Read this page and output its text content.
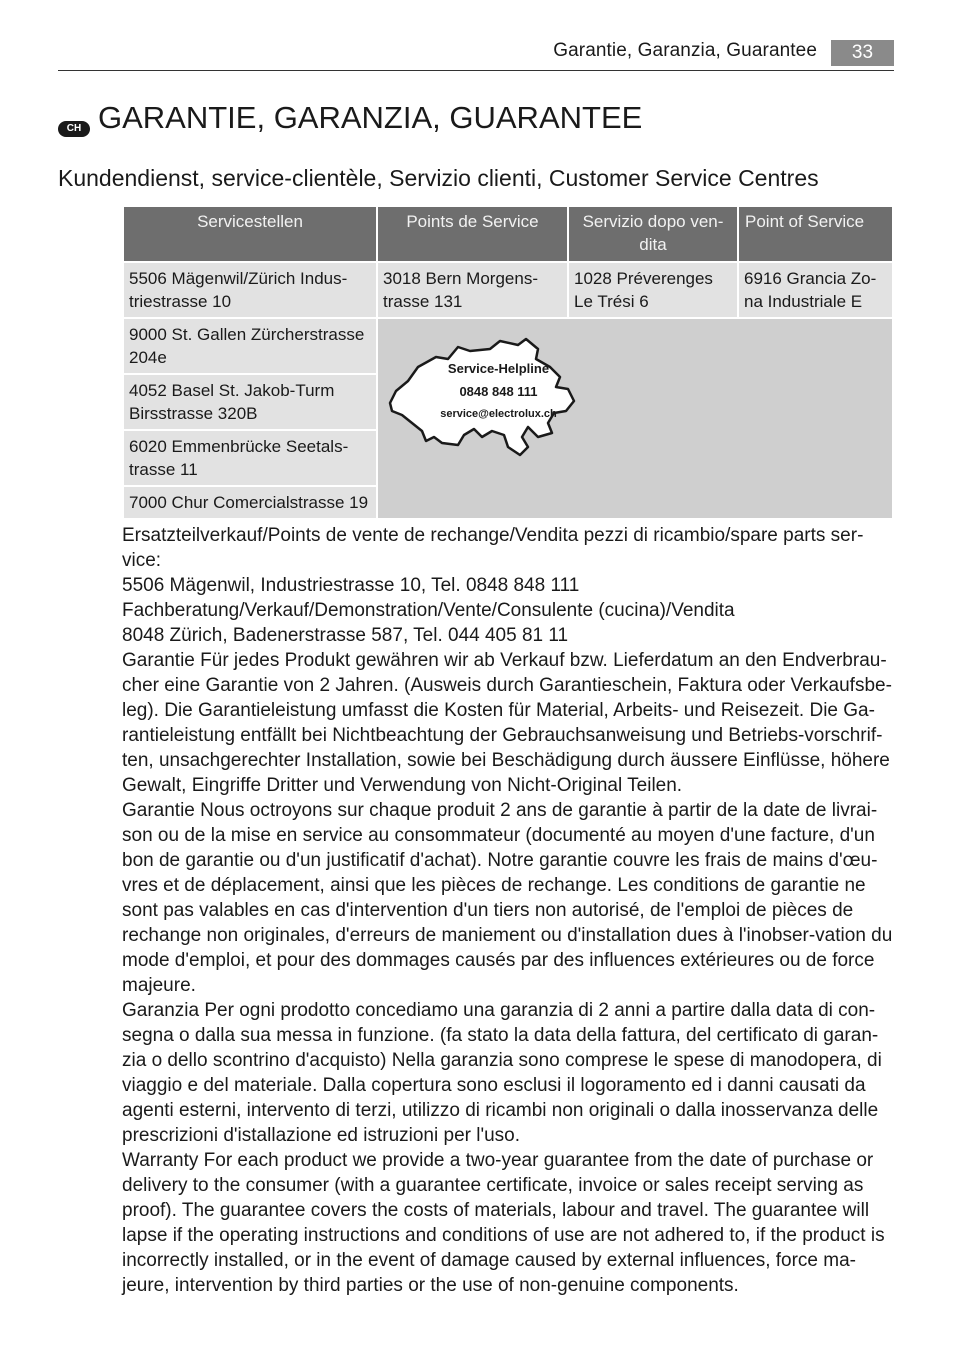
Garantie, Garanzia, Guarantee	33
CH GARANTIE, GARANZIA, GUARANTEE
Kundendienst, service-clientèle, Servizio clienti, Customer Service Centres
Servicestellen	Points de Service	Servizio dopo ven-dita	Point of Service
5506 Mägenwil/Zürich Indus-triestrasse 10	3018 Bern Morgens-trasse 131	1028 Préverenges Le Trési 6	6916 Grancia Zo-na Industriale E
9000 St. Gallen Zürcherstrasse 204e	Service-Helpline
0848 848 111
service@electrolux.ch		

4052 Basel St. Jakob-Turm Birsstrasse 320B			
6020 Emmenbrücke Seetals-trasse 11			
7000 Chur Comercialstrasse 19			

Ersatzteilverkauf/Points de vente de rechange/Vendita pezzi di ricambio/spare parts ser-vice:

5506 Mägenwil, Industriestrasse 10, Tel. 0848 848 111

Fachberatung/Verkauf/Demonstration/Vente/Consulente (cucina)/Vendita

8048 Zürich, Badenerstrasse 587, Tel. 044 405 81 11

Garantie Für jedes Produkt gewähren wir ab Verkauf bzw. Lieferdatum an den Endverbrau-cher eine Garantie von 2 Jahren. (Ausweis durch Garantieschein, Faktura oder Verkaufsbe-leg). Die Garantieleistung umfasst die Kosten für Material, Arbeits- und Reisezeit. Die Ga-rantieleistung entfällt bei Nichtbeachtung der Gebrauchsanweisung und Betriebs-vorschrif-ten, unsachgerechter Installation, sowie bei Beschädigung durch äussere Einflüsse, höhere Gewalt, Eingriffe Dritter und Verwendung von Nicht-Original Teilen.

Garantie Nous octroyons sur chaque produit 2 ans de garantie à partir de la date de livrai-son ou de la mise en service au consommateur (documenté au moyen d'une facture, d'un bon de garantie ou d'un justificatif d'achat). Notre garantie couvre les frais de mains d'œu-vres et de déplacement, ainsi que les pièces de rechange. Les conditions de garantie ne sont pas valables en cas d'intervention d'un tiers non autorisé, de l'emploi de pièces de rechange non originales, d'erreurs de maniement ou d'installation dues à l'inobser-vation du mode d'emploi, et pour des dommages causés par des influences extérieures ou de force majeure.

Garanzia Per ogni prodotto concediamo una garanzia di 2 anni a partire dalla data di con-segna o dalla sua messa in funzione. (fa stato la data della fattura, del certificato di garan-zia o dello scontrino d'acquisto) Nella garanzia sono comprese le spese di manodopera, di viaggio e del materiale. Dalla copertura sono esclusi il logoramento ed i danni causati da agenti esterni, intervento di terzi, utilizzo di ricambi non originali o dalla inosservanza delle prescrizioni d'istallazione ed istruzioni per l'uso.

Warranty For each product we provide a two-year guarantee from the date of purchase or delivery to the consumer (with a guarantee certificate, invoice or sales receipt serving as proof). The guarantee covers the costs of materials, labour and travel. The guarantee will lapse if the operating instructions and conditions of use are not adhered to, if the product is incorrectly installed, or in the event of damage caused by external influences, force ma-jeure, intervention by third parties or the use of non-genuine components.
